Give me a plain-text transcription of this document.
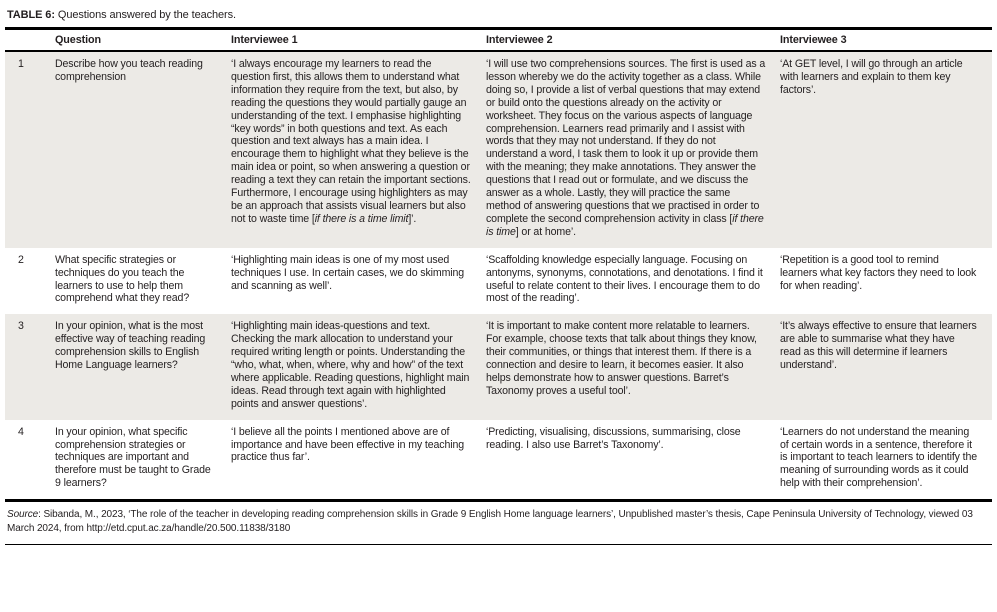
TABLE 6: Questions answered by the teachers.
	Question	Interviewee 1	Interviewee 2	Interviewee 3
1	Describe how you teach reading comprehension	‘I always encourage my learners to read the question first, this allows them to understand what information they require from the text, but also, by reading the questions they would partially gauge an understanding of the text. I emphasise highlighting “key words” in both questions and text. As each question and text always has a main idea. I encourage them to highlight what they believe is the main idea or point, so when answering a question or reading a text they can retain the important sections. Furthermore, I encourage using highlighters as may be an approach that assists visual learners but also not to waste time [if there is a time limit]’.	‘I will use two comprehensions sources. The first is used as a lesson whereby we do the activity together as a class. While doing so, I provide a list of verbal questions that may extend or build onto the questions already on the activity or worksheet. They focus on the various aspects of language comprehension. Learners read primarily and I assist with words that they may not understand. If they do not understand a word, I task them to look it up or provide them with the meaning; they make annotations. They answer the questions that I read out or formulate, and we discuss the answer as a whole. Lastly, they will practice the same method of answering questions that we practised in order to complete the second comprehension activity in class [if there is time] or at home’.	‘At GET level, I will go through an article with learners and explain to them key factors’.
2	What specific strategies or techniques do you teach the learners to use to help them comprehend what they read?	‘Highlighting main ideas is one of my most used techniques I use. In certain cases, we do skimming and scanning as well’.	‘Scaffolding knowledge especially language. Focusing on antonyms, synonyms, connotations, and denotations. I find it useful to relate content to their lives. I encourage them to do most of the reading’.	‘Repetition is a good tool to remind learners what key factors they need to look for when reading’.
3	In your opinion, what is the most effective way of teaching reading comprehension skills to English Home Language learners?	‘Highlighting main ideas-questions and text. Checking the mark allocation to understand your required writing length or points. Understanding the “who, what, when, where, why and how” of the text where applicable. Reading questions, highlight main ideas. Read through text again with highlighted points and answer questions’.	‘It is important to make content more relatable to learners. For example, choose texts that talk about things they know, their communities, or things that interest them. If there is a connection and desire to learn, it becomes easier. It also helps demonstrate how to answer questions. Barret’s Taxonomy proves a useful tool’.	‘It’s always effective to ensure that learners are able to summarise what they have read as this will determine if learners understand’.
4	In your opinion, what specific comprehension strategies or techniques are important and therefore must be taught to Grade 9 learners?	‘I believe all the points I mentioned above are of importance and have been effective in my teaching practice thus far’.	‘Predicting, visualising, discussions, summarising, close reading. I also use Barret’s Taxonomy’.	‘Learners do not understand the meaning of certain words in a sentence, therefore it is important to teach learners to identify the meaning of surrounding words as it could help with their comprehension’.
Source: Sibanda, M., 2023, ‘The role of the teacher in developing reading comprehension skills in Grade 9 English Home language learners’, Unpublished master’s thesis, Cape Peninsula University of Technology, viewed 03 March 2024, from http://etd.cput.ac.za/handle/20.500.11838/3180
